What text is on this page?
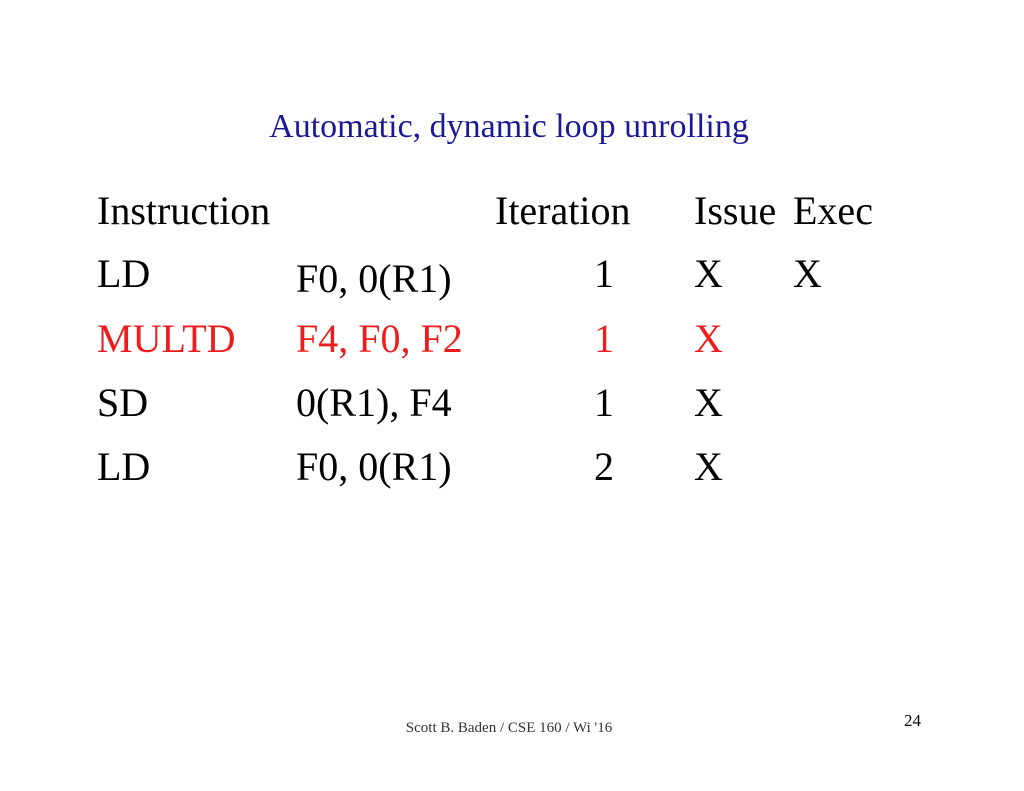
Automatic, dynamic loop unrolling
Instruction	Iteration Issue Exec
LD	F0, 0(R1)	1 X X
MULTD F4, F0, F2	1 X
SD	0(R1), F4	1 X
LD	F0, 0(R1)	2 X
Scott B. Baden / CSE 160 / Wi '16	24
